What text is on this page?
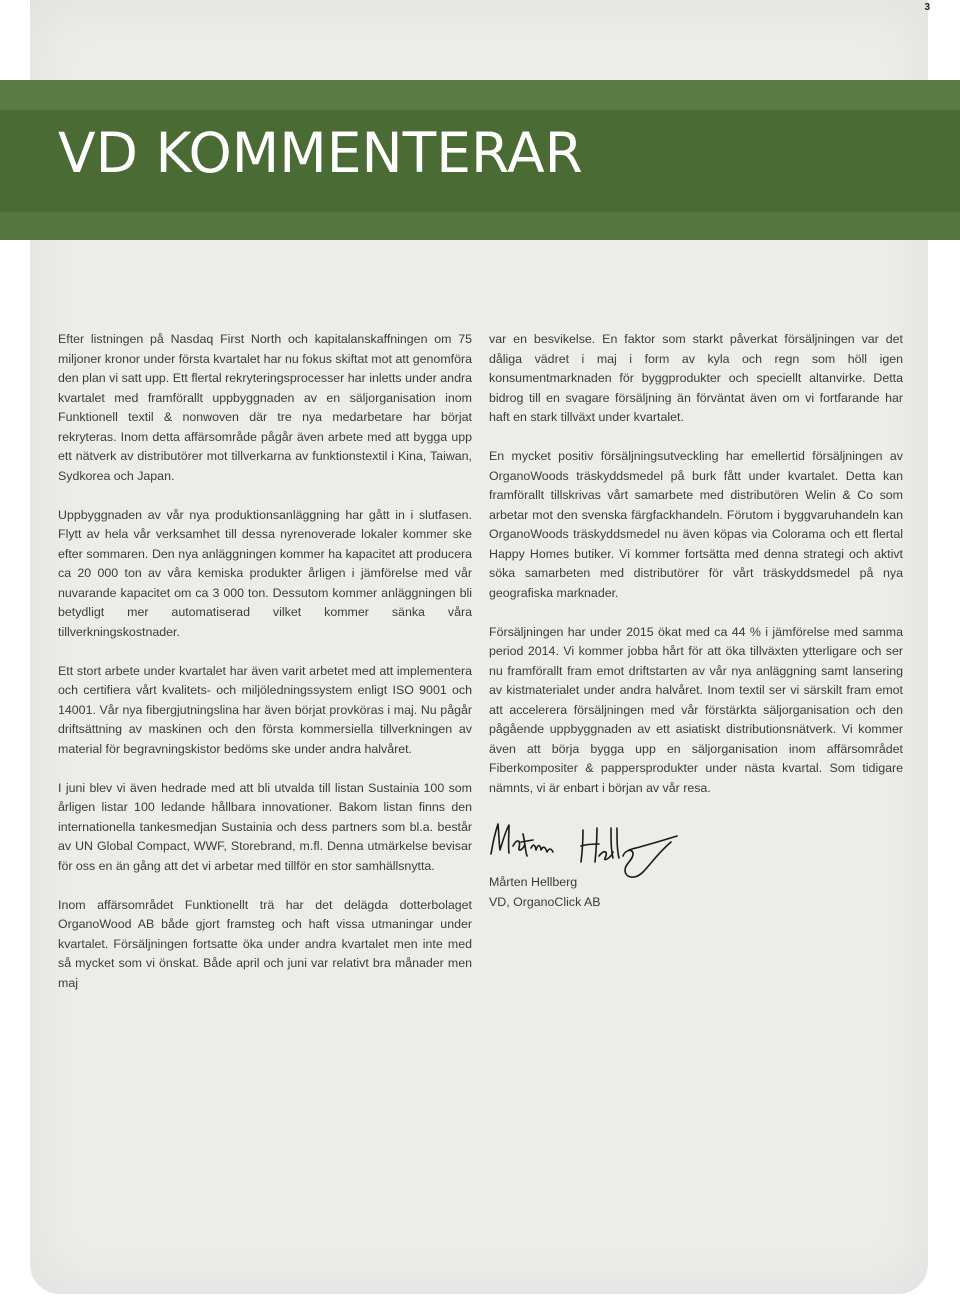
3
VD KOMMENTERAR

Efter listningen på Nasdaq First North och kapitalanskaffningen om 75 miljoner kronor under första kvartalet har nu fokus skiftat mot att genomföra den plan vi satt upp. Ett flertal rekryteringsprocesser har inletts under andra kvartalet med framförallt uppbyggnaden av en säljorganisation inom Funktionell textil & nonwoven där tre nya medarbetare har börjat rekryteras. Inom detta affärsområde pågår även arbete med att bygga upp ett nätverk av distributörer mot tillverkarna av funktionstextil i Kina, Taiwan, Sydkorea och Japan.

Uppbyggnaden av vår nya produktionsanläggning har gått in i slutfasen. Flytt av hela vår verksamhet till dessa nyrenoverade lokaler kommer ske efter sommaren. Den nya anläggningen kommer ha kapacitet att producera ca 20 000 ton av våra kemiska produkter årligen i jämförelse med vår nuvarande kapacitet om ca 3 000 ton. Dessutom kommer anläggningen bli betydligt mer automatiserad vilket kommer sänka våra tillverkningskostnader.

Ett stort arbete under kvartalet har även varit arbetet med att implementera och certifiera vårt kvalitets- och miljöledningssystem enligt ISO 9001 och 14001. Vår nya fibergjutningslina har även börjat provköras i maj. Nu pågår driftsättning av maskinen och den första kommersiella tillverkningen av material för begravningskistor bedöms ske under andra halvåret.

I juni blev vi även hedrade med att bli utvalda till listan Sustainia 100 som årligen listar 100 ledande hållbara innovationer. Bakom listan finns den internationella tankesmedjan Sustainia och dess partners som bl.a. består av UN Global Compact, WWF, Storebrand, m.fl. Denna utmärkelse bevisar för oss en än gång att det vi arbetar med tillför en stor samhällsnytta.

Inom affärsområdet Funktionellt trä har det delägda dotterbolaget OrganoWood AB både gjort framsteg och haft vissa utmaningar under kvartalet. Försäljningen fortsatte öka under andra kvartalet men inte med så mycket som vi önskat. Både april och juni var relativt bra månader men maj

var en besvikelse. En faktor som starkt påverkat försäljningen var det dåliga vädret i maj i form av kyla och regn som höll igen konsumentmarknaden för byggprodukter och speciellt altanvirke. Detta bidrog till en svagare försäljning än förväntat även om vi fortfarande har haft en stark tillväxt under kvartalet.

En mycket positiv försäljningsutveckling har emellertid försäljningen av OrganoWoods träskyddsmedel på burk fått under kvartalet. Detta kan framförallt tillskrivas vårt samarbete med distributören Welin & Co som arbetar mot den svenska färgfackhandeln. Förutom i byggvaruhandeln kan OrganoWoods träskyddsmedel nu även köpas via Colorama och ett flertal Happy Homes butiker. Vi kommer fortsätta med denna strategi och aktivt söka samarbeten med distributörer för vårt träskyddsmedel på nya geografiska marknader.

Försäljningen har under 2015 ökat med ca 44 % i jämförelse med samma period 2014. Vi kommer jobba hårt för att öka tillväxten ytterligare och ser nu framförallt fram emot driftstarten av vår nya anläggning samt lansering av kistmaterialet under andra halvåret. Inom textil ser vi särskilt fram emot att accelerera försäljningen med vår förstärkta säljorganisation och den pågående uppbyggnaden av ett asiatiskt distributionsnätverk. Vi kommer även att börja bygga upp en säljorganisation inom affärsområdet Fiberkompositer & pappersprodukter under nästa kvartal. Som tidigare nämnts, vi är enbart i början av vår resa.

Mårten Hellberg
VD, OrganoClick AB
